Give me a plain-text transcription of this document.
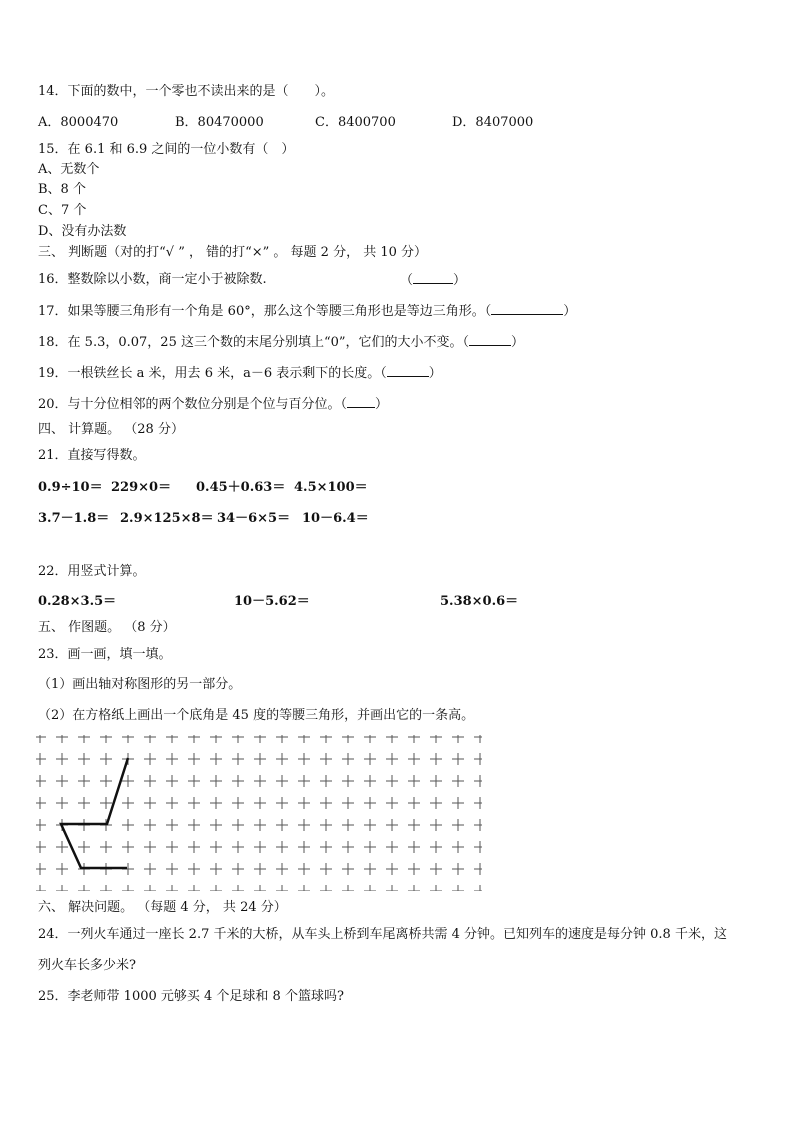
14．下面的数中，一个零也不读出来的是（　　）。
A．8000470	B．80470000	C．8400700	D．8407000
15．在 6.1 和 6.9 之间的一位小数有（　）
A、无数个
B、8 个
C、7 个
D、没有办法数
三、 判断题（对的打“√ ” ， 错的打“×” 。 每题 2 分， 共 10 分）
16．整数除以小数，商一定小于被除数.	（	）
17．如果等腰三角形有一个角是 60°，那么这个等腰三角形也是等边三角形。（	）
18．在 5.3，0.07，25 这三个数的末尾分别填上“0”，它们的大小不变。（	）
19．一根铁丝长 a 米，用去 6 米，a－6 表示剩下的长度。（	）
20．与十分位相邻的两个数位分别是个位与百分位。（ ）
四、 计算题。 （28 分）
21．直接写得数。
0.9÷10＝ 229×0＝ 0.45＋0.63＝ 4.5×100＝
3.7－1.8＝ 2.9×125×8＝ 34－6×5＝ 10－6.4＝
22．用竖式计算。
0.28×3.5＝	10－5.62＝	5.38×0.6＝
五、 作图题。 （8 分）
23．画一画，填一填。
（1）画出轴对称图形的另一部分。
（2）在方格纸上画出一个底角是 45 度的等腰三角形，并画出它的一条高。
六、 解决问题。 （每题 4 分， 共 24 分）
24．一列火车通过一座长 2.7 千米的大桥，从车头上桥到车尾离桥共需 4 分钟。已知列车的速度是每分钟 0.8 千米，这
列火车长多少米?
25．李老师带 1000 元够买 4 个足球和 8 个篮球吗?
